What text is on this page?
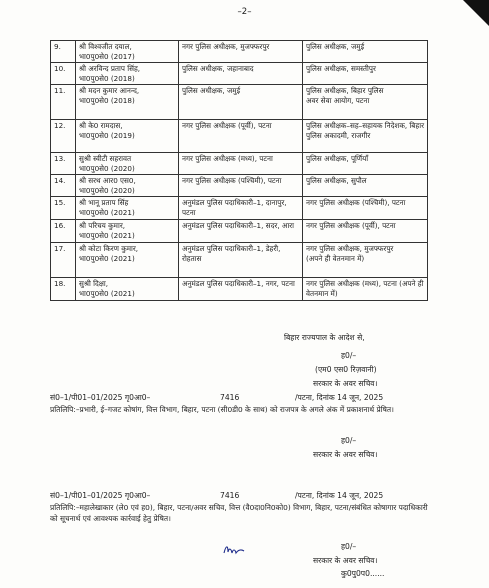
–2–
9.	श्री विश्वजीत दयाल,
भा0पु0से0 (2017)	नगर पुलिस अधीक्षक, मुजफ्फरपुर	पुलिस अधीक्षक, जमुई
10.	श्री अरविन्द प्रताप सिंह,
भा0पु0से0 (2018)	पुलिस अधीक्षक, जहानाबाद	पुलिस अधीक्षक, समस्तीपुर
11.	श्री मदन कुमार आनन्द,
भा0पु0से0 (2018)	पुलिस अधीक्षक, जमुई	पुलिस अधीक्षक, बिहार पुलिस
अवर सेवा आयोग, पटना

12.	श्री के0 रामदास,
भा0पु0से0 (2019)	नगर पुलिस अधीक्षक (पूर्वी), पटना	पुलिस अधीक्षक–सह–सहायक निदेशक, बिहार पुलिस अकादमी, राजगीर
13.	सुश्री स्वीटी सहरावत
भा0पु0से0 (2020)	नगर पुलिस अधीक्षक (मध्य), पटना	पुलिस अधीक्षक, पूर्णियाँ
14.	श्री सरथ आर0 एस0,
भा0पु0से0 (2020)	नगर पुलिस अधीक्षक (पश्चिमी), पटना	पुलिस अधीक्षक, सुपौल
15.	श्री भानू प्रताप सिंह
भा0पु0से0 (2021)	अनुमंडल पुलिस पदाधिकारी–1, दानापुर, पटना	नगर पुलिस अधीक्षक (पश्चिमी), पटना
16.	श्री परिचय कुमार,
भा0पु0से0 (2021)	अनुमंडल पुलिस पदाधिकारी–1, सदर, आरा	नगर पुलिस अधीक्षक (पूर्वी), पटना
17.	श्री कोटा किरण कुमार,
भा0पु0से0 (2021)	अनुमंडल पुलिस पदाधिकारी–1, डेहरी, रोहतास	नगर पुलिस अधीक्षक, मुजफ्फरपुर
(अपने ही वेतनमान में)

18.	सुश्री दिक्षा,
भा0पु0से0 (2021)	अनुमंडल पुलिस पदाधिकारी–1, नगर, पटना	नगर पुलिस अधीक्षक (मध्य), पटना (अपने ही वेतनमान में)
बिहार राज्यपाल के आदेश से,
ह0/–
(एम0 एस0 रिज़वानी)
सरकार के अवर सचिव।
सं0–1/पी01–01/2025 गृ0आ0–	7416	/पटना, दिनांक 14 जून, 2025
प्रतिलिपि:–प्रभारी, ई–गजट कोषांग, वित्त विभाग, बिहार, पटना (सी0डी0 के साथ) को राजपत्र के अगले अंक में प्रकाशनार्थ प्रेषित।
ह0/–
सरकार के अवर सचिव।
सं0–1/पी01–01/2025 गृ0आ0–	7416	/पटना, दिनांक 14 जून, 2025
प्रतिलिपि:–महालेखाकार (ले0 एवं ह0), बिहार, पटना/अवर सचिव, वित्त (वै0दा0नि0को0) विभाग, बिहार, पटना/संबंधित कोषागार पदाधिकारी को सूचनार्थ एवं आवश्यक कार्रवाई हेतु प्रेषित।
ह0/–
सरकार के अवर सचिव।
कु0पु0प0......
